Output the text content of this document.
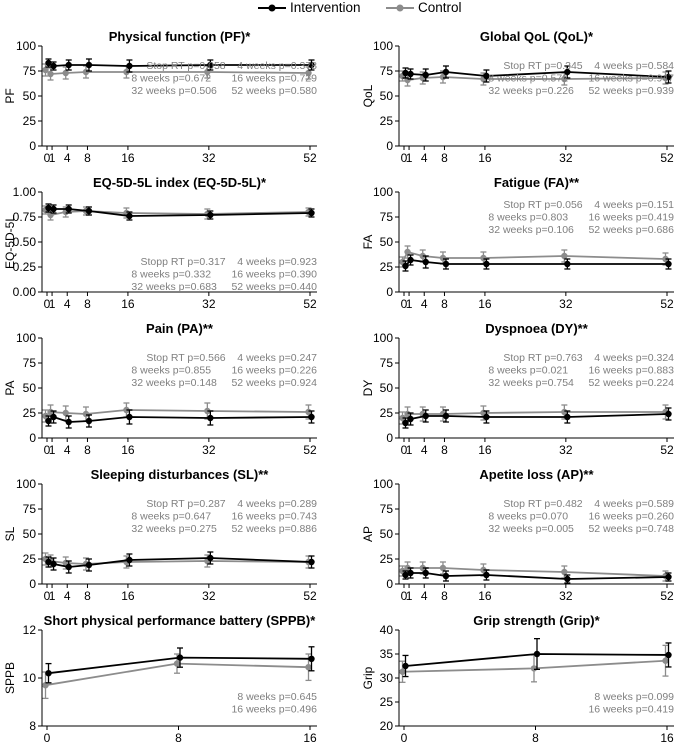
Intervention	Control
Physical function (PF)*
0
25
50
75
100
0
1 4 8	16	32	52
PF
Stop RT p=0.058    4 weeks p=0.378
8 weeks p=0.672       16 weeks p=0.729
32 weeks p=0.506     52 weeks p=0.580
Global QoL (QoL)*
0
25
50
75
100
0
1 4 8	16	32	52
QoL
Stop RT p=0.345    4 weeks p=0.584
8 weeks p=0.572       16 weeks p=0.947
32 weeks p=0.226     52 weeks p=0.939
EQ-5D-5L index (EQ-5D-5L)*
0.00
0.25
0.50
0.75
1.00
0
1 4 8	16	32	52
EQ-5D-5L	Stopp RT p=0.317    4 weeks p=0.923
8 weeks p=0.332       16 weeks p=0.390
32 weeks p=0.683     52 weeks p=0.440
Fatigue (FA)**
0
25
50
75
100
0
1 4 8	16	32	52
FA
Stop RT p=0.056    4 weeks p=0.151
8 weeks p=0.803       16 weeks p=0.419
32 weeks p=0.106     52 weeks p=0.686
Pain (PA)**
0
25
50
75
100
0
1 4 8	16	32	52
PA
Stop RT p=0.566    4 weeks p=0.247
8 weeks p=0.855       16 weeks p=0.226
32 weeks p=0.148     52 weeks p=0.924
Dyspnoea (DY)**
0
25
50
75
100
0
1 4 8	16	32	52
DY
Stop RT p=0.763    4 weeks p=0.324
8 weeks p=0.021       16 weeks p=0.883
32 weeks p=0.754     52 weeks p=0.224
Sleeping disturbances (SL)**
0
25
50
75
100
0
1 4 8	16	32	52
SL
Stop RT p=0.287    4 weeks p=0.289
8 weeks p=0.647       16 weeks p=0.743
32 weeks p=0.275     52 weeks p=0.886
Apetite loss (AP)**
0
25
50
75
100
0
1 4 8	16	32	52
AP
Stop RT p=0.482    4 weeks p=0.589
8 weeks p=0.070       16 weeks p=0.260
32 weeks p=0.005     52 weeks p=0.748
Short physical performance battery (SPPB)*
8
10
12
0	8	16
SPPB
8 weeks p=0.645
16 weeks p=0.496
Grip strength (Grip)*
20
25
30
35
40
0	8	16
Grip
8 weeks p=0.099
16 weeks p=0.419
